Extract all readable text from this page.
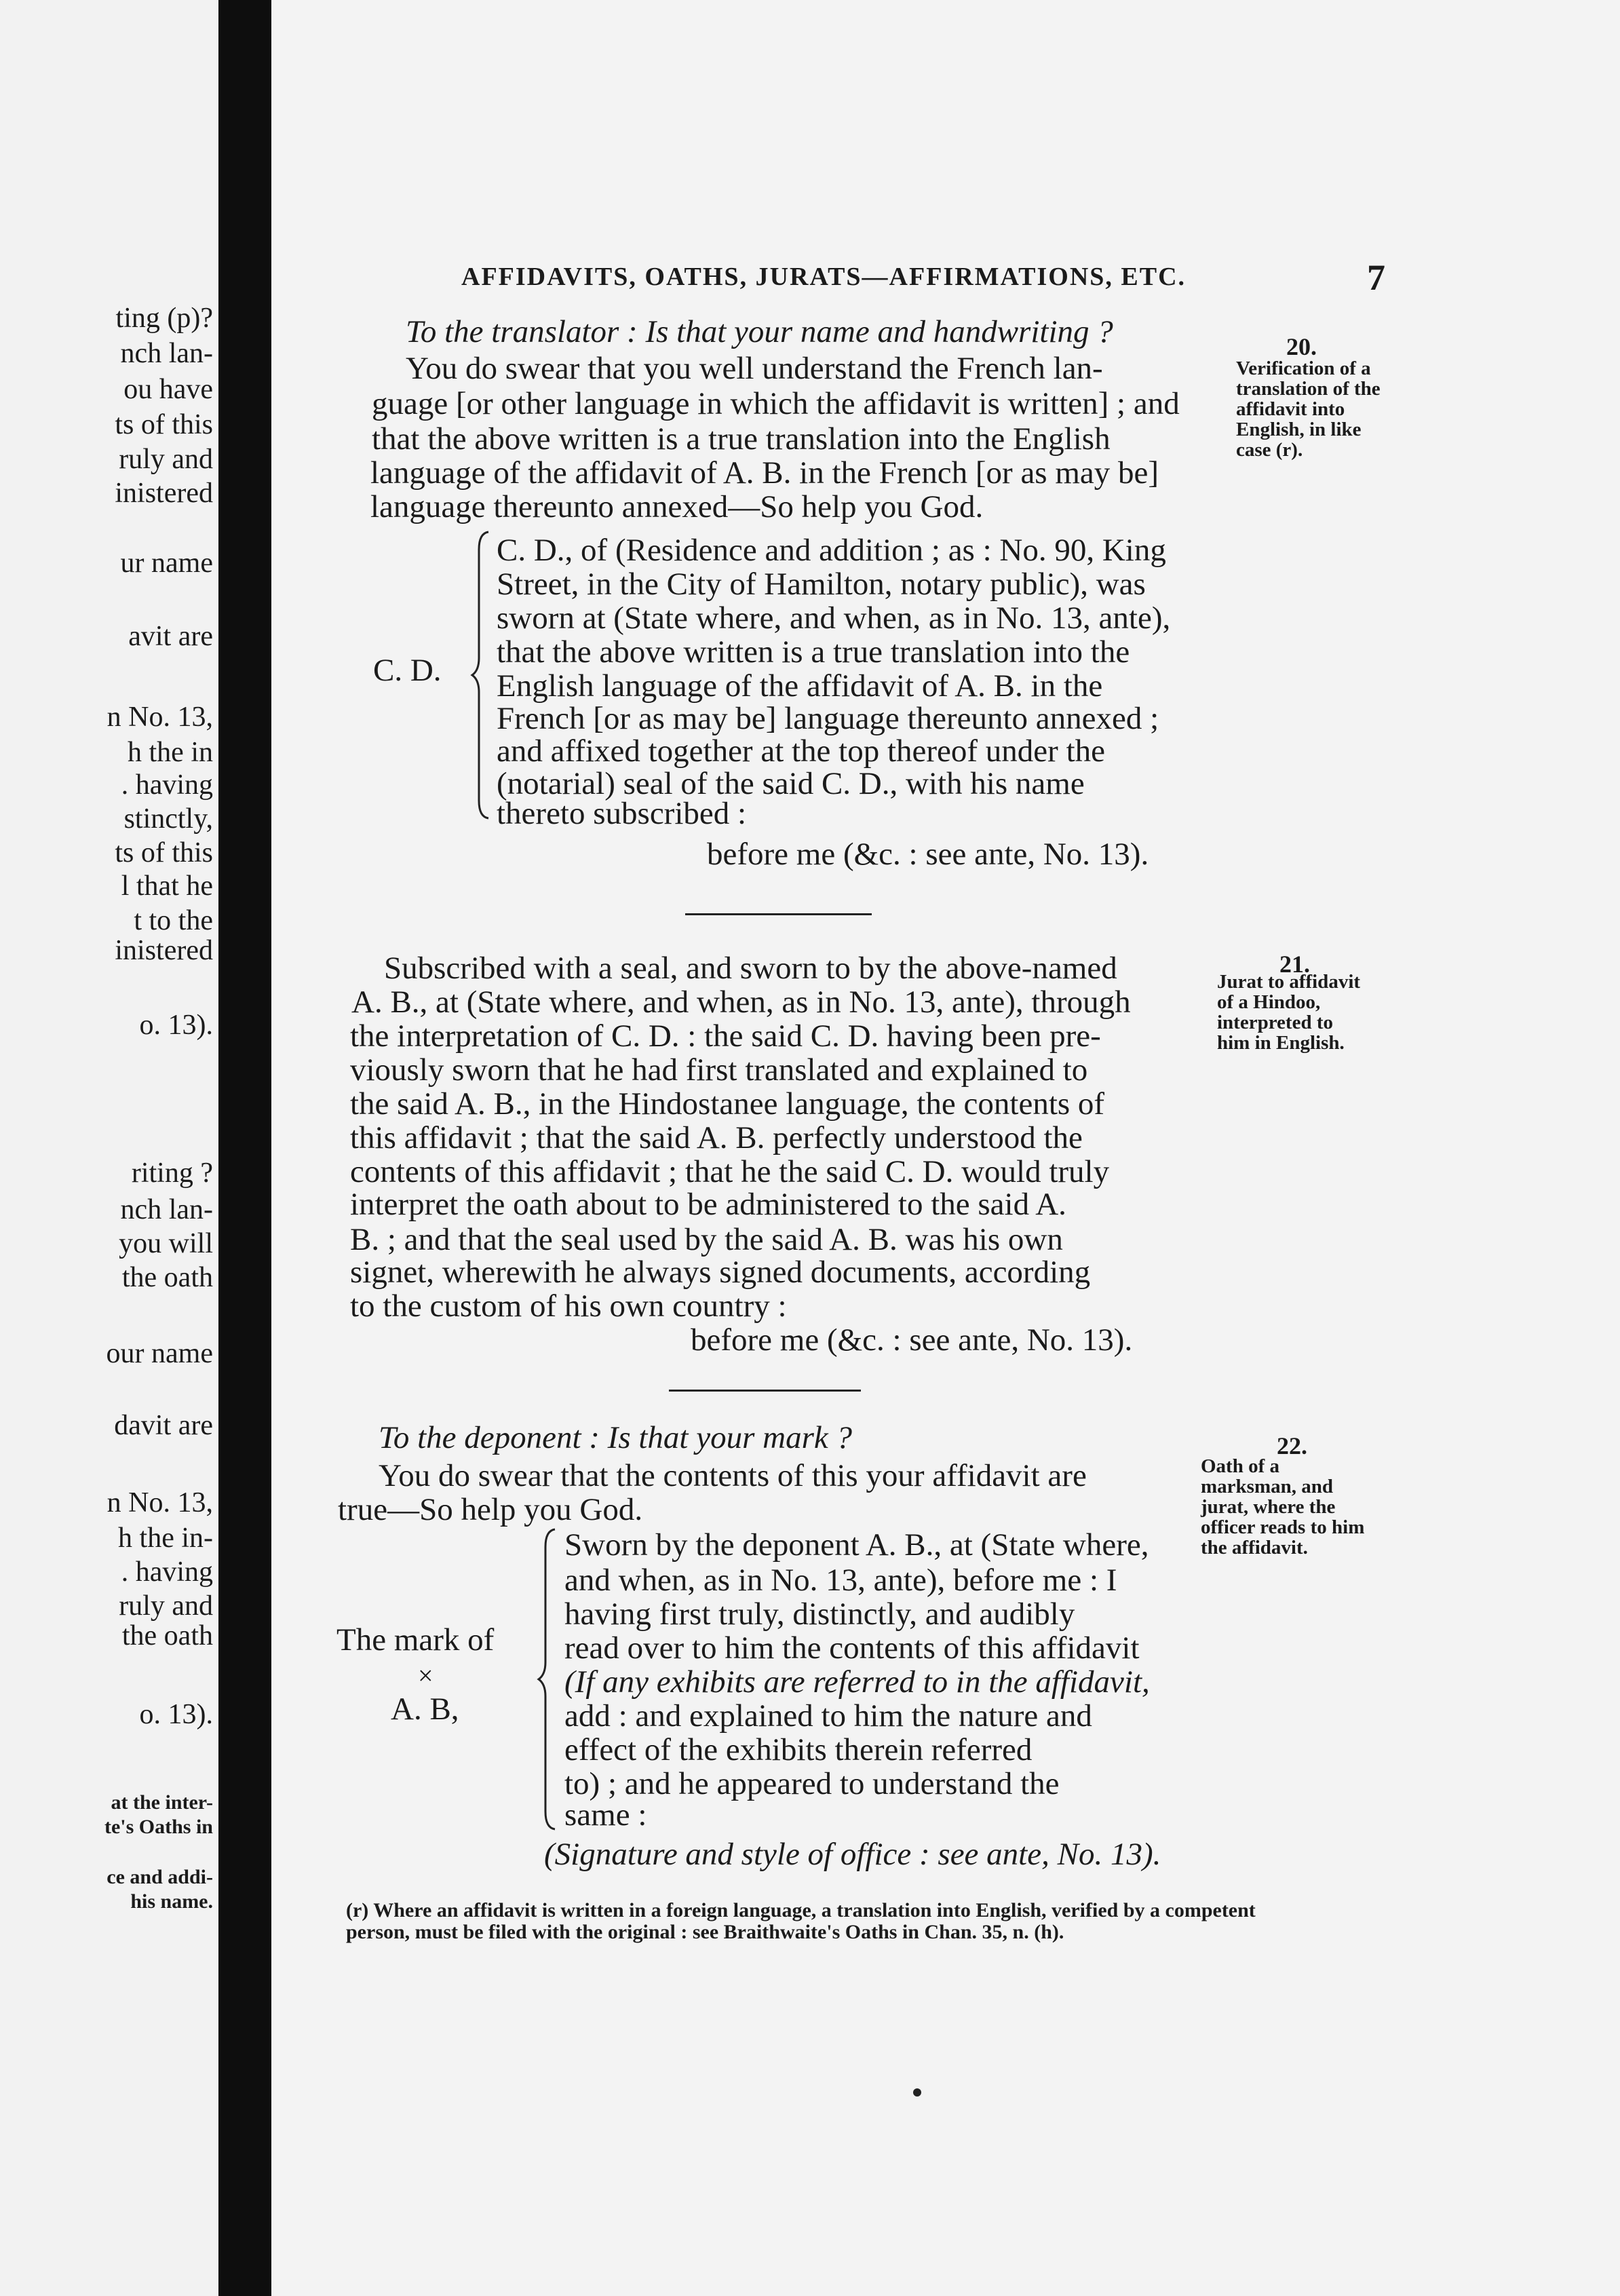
ting (p)?
nch lan-
ou have
ts of this
ruly and
inistered
ur name
avit are
n No. 13,
h the in
. having
stinctly,
ts of this
l that he
t to the
inistered
o. 13).
riting ?
nch lan-
you will
the oath
our name
davit are
n No. 13,
h the in-
. having
ruly and
the oath
o. 13).
at the inter-
te's Oaths in
ce and addi-
his name.
AFFIDAVITS, OATHS, JURATS—AFFIRMATIONS, ETC.	7
20.
Verification of a translation of the affidavit into English, in like case (r).
To the translator : Is that your name and handwriting ?
You do swear that you well understand the French lan-
guage [or other language in which the affidavit is written] ; and
that the above written is a true translation into the English
language of the affidavit of A. B. in the French [or as may be]
language thereunto annexed—So help you God.
C. D.
C. D., of (Residence and addition ; as : No. 90, King
Street, in the City of Hamilton, notary public), was
sworn at (State where, and when, as in No. 13, ante),
that the above written is a true translation into the
English language of the affidavit of A. B. in the
French [or as may be] language thereunto annexed ;
and affixed together at the top thereof under the
(notarial) seal of the said C. D., with his name
thereto subscribed :
before me (&c. : see ante, No. 13).
21.
Jurat to affidavit of a Hindoo, interpreted to him in English.
Subscribed with a seal, and sworn to by the above-named
A. B., at (State where, and when, as in No. 13, ante), through
the interpretation of C. D. : the said C. D. having been pre-
viously sworn that he had first translated and explained to
the said A. B., in the Hindostanee language, the contents of
this affidavit ; that the said A. B. perfectly understood the
contents of this affidavit ; that he the said C. D. would truly
interpret the oath about to be administered to the said A.
B. ; and that the seal used by the said A. B. was his own
signet, wherewith he always signed documents, according
to the custom of his own country :
before me (&c. : see ante, No. 13).
22.
Oath of a marksman, and jurat, where the officer reads to him the affidavit.
To the deponent : Is that your mark ?
You do swear that the contents of this your affidavit are
true—So help you God.
The mark of
×
A. B,
Sworn by the deponent A. B., at (State where,
and when, as in No. 13, ante), before me : I
having first truly, distinctly, and audibly
read over to him the contents of this affidavit
(If any exhibits are referred to in the affidavit,
add : and explained to him the nature and
effect of the exhibits therein referred
to) ; and he appeared to understand the
same :
(Signature and style of office : see ante, No. 13).
(r) Where an affidavit is written in a foreign language, a translation into English, verified by a competent person, must be filed with the original : see Braithwaite's Oaths in Chan. 35, n. (h).
